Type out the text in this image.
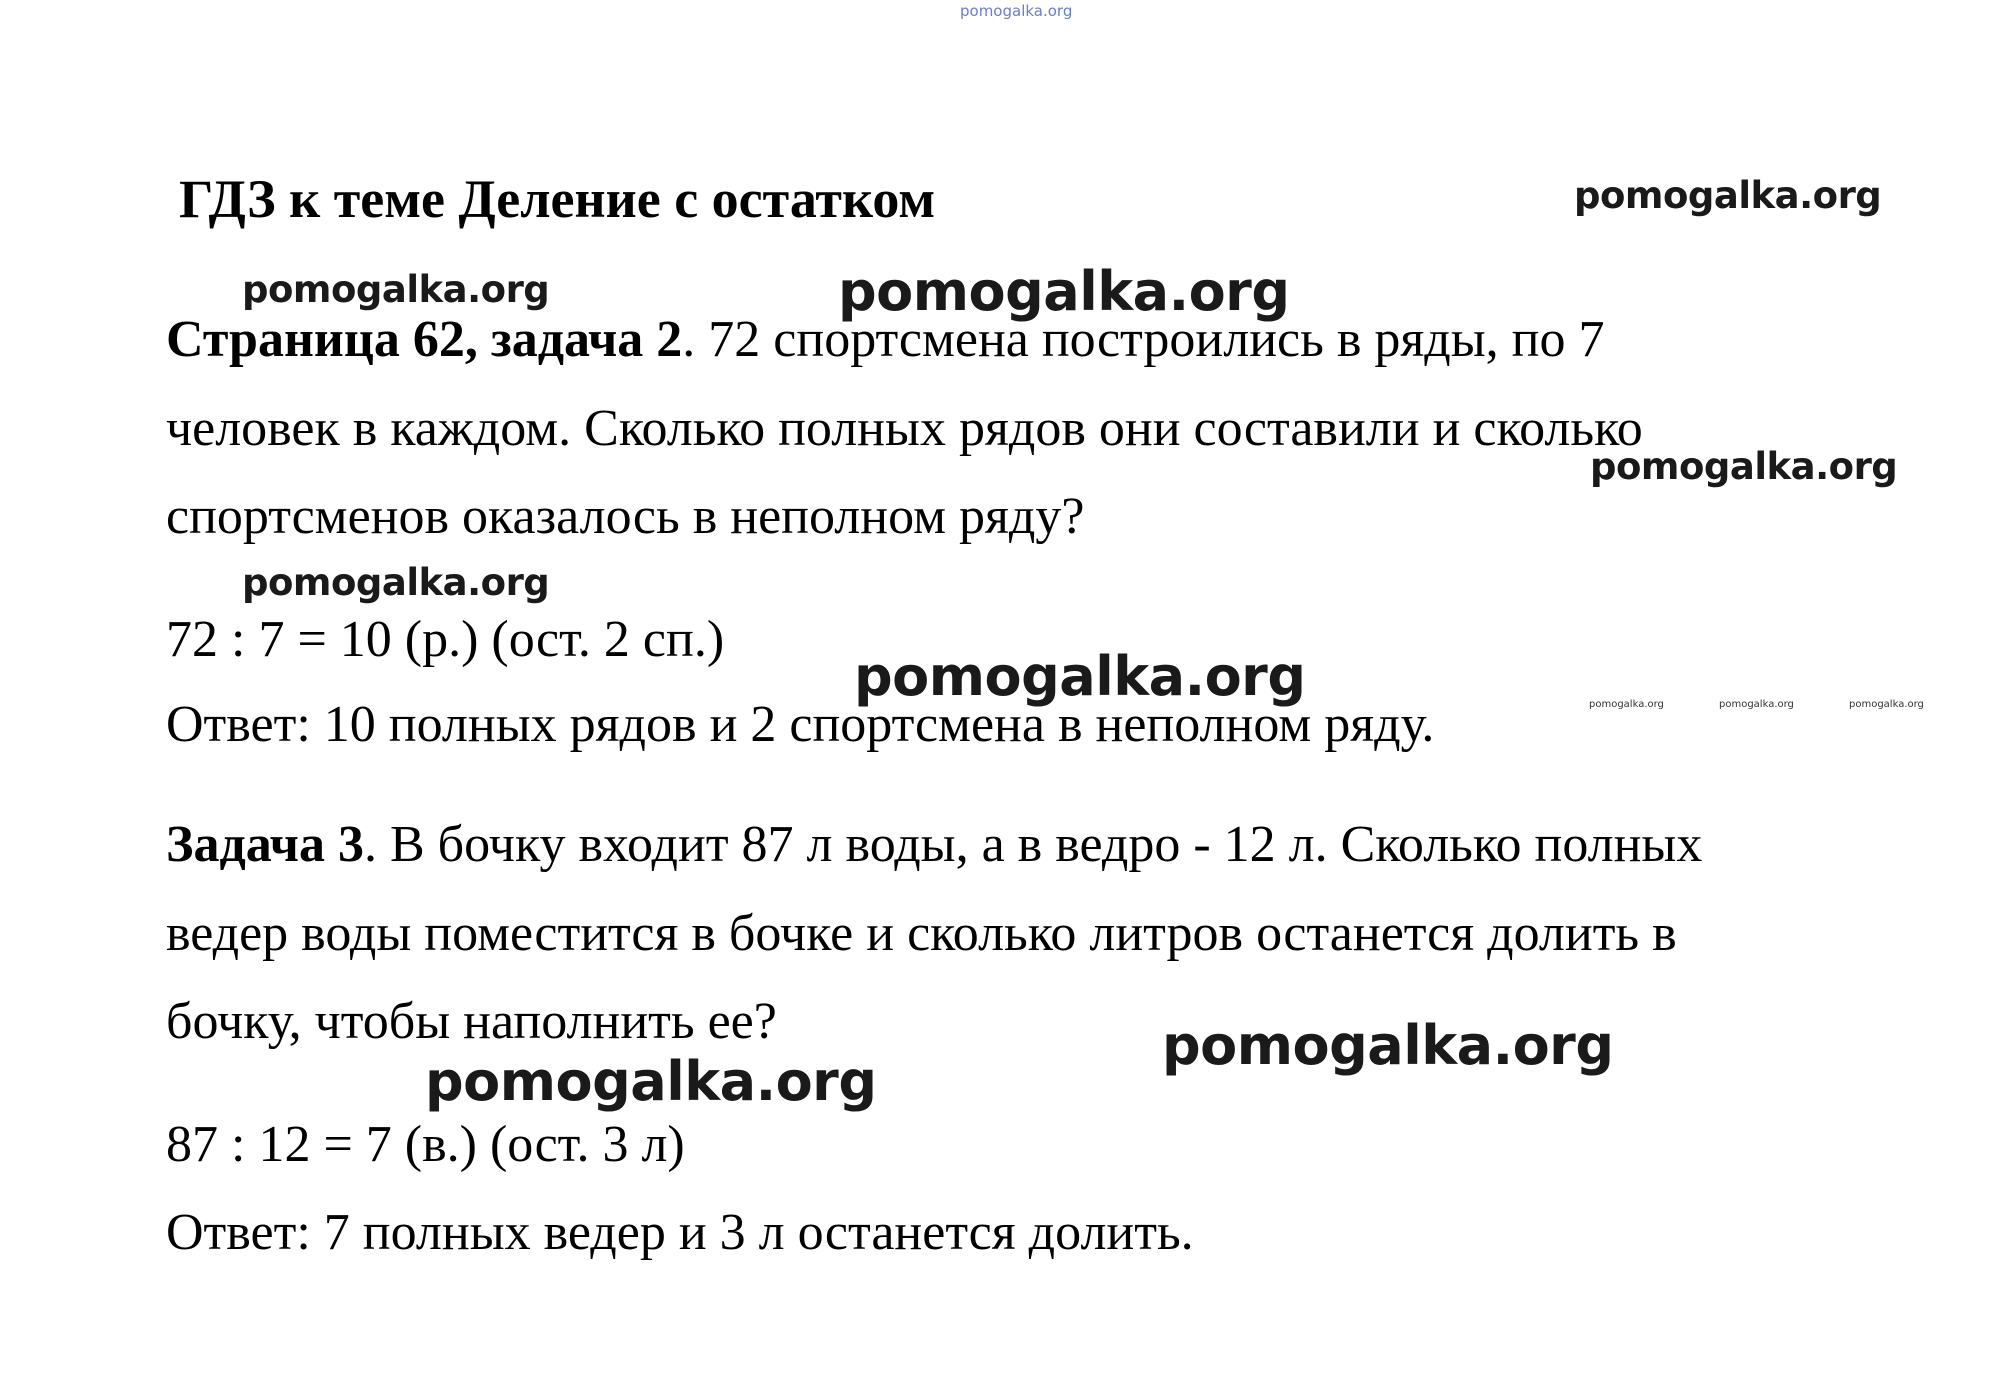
pomogalka.org
ГДЗ к теме Деление с остатком
Страница 62, задача 2. 72 спортсмена построились в ряды, по 7
человек в каждом. Сколько полных рядов они составили и сколько
спортсменов оказалось в неполном ряду?
72 : 7 = 10 (р.) (ост. 2 сп.)
Ответ: 10 полных рядов и 2 спортсмена в неполном ряду.
Задача 3. В бочку входит 87 л воды, а в ведро - 12 л. Сколько полных
ведер воды поместится в бочке и сколько литров останется долить в
бочку, чтобы наполнить ее?
87 : 12 = 7 (в.) (ост. 3 л)
Ответ: 7 полных ведер и 3 л останется долить.
pomogalka.org
pomogalka.org	pomogalka.org
pomogalka.org
pomogalka.org
pomogalka.org	pomogalka.org	pomogalka.org	pomogalka.org
pomogalka.org
pomogalka.org
